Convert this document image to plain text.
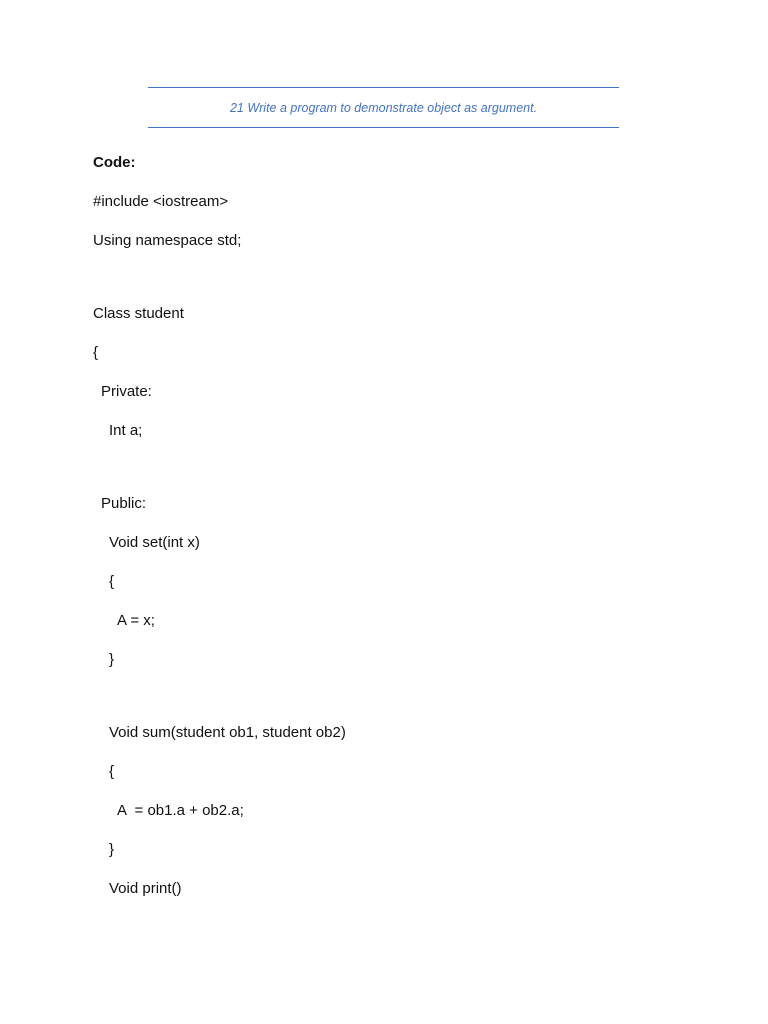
21 Write a program to demonstrate object as argument.
Code:
#include <iostream>
Using namespace std;
Class student
{
Private:
Int a;
Public:
Void set(int x)
{
A = x;
}
Void sum(student ob1, student ob2)
{
A  = ob1.a + ob2.a;
}
Void print()
